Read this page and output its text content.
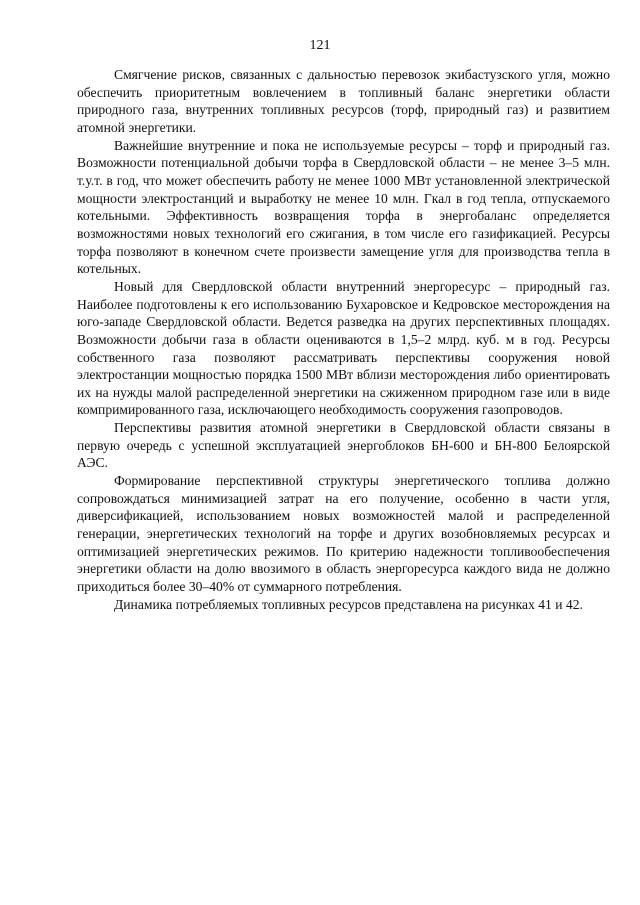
121

Смягчение рисков, связанных с дальностью перевозок экибастузского угля, можно обеспечить приоритетным вовлечением в топливный баланс энергетики области природного газа, внутренних топливных ресурсов (торф, природный газ) и развитием атомной энергетики.

Важнейшие внутренние и пока не используемые ресурсы – торф и природный газ. Возможности потенциальной добычи торфа в Свердловской области – не менее 3–5 млн. т.у.т. в год, что может обеспечить работу не менее 1000 МВт установленной электрической мощности электростанций и выработку не менее 10 млн. Гкал в год тепла, отпускаемого котельными. Эффективность возвращения торфа в энергобаланс определяется возможностями новых технологий его сжигания, в том числе его газификацией. Ресурсы торфа позволяют в конечном счете произвести замещение угля для производства тепла в котельных.

Новый для Свердловской области внутренний энергоресурс – природный газ. Наиболее подготовлены к его использованию Бухаровское и Кедровское месторождения на юго-западе Свердловской области. Ведется разведка на других перспективных площадях. Возможности добычи газа в области оцениваются в 1,5–2 млрд. куб. м в год. Ресурсы собственного газа позволяют рассматривать перспективы сооружения новой электростанции мощностью порядка 1500 МВт вблизи месторождения либо ориентировать их на нужды малой распределенной энергетики на сжиженном природном газе или в виде компримированного газа, исключающего необходимость сооружения газопроводов.

Перспективы развития атомной энергетики в Свердловской области связаны в первую очередь с успешной эксплуатацией энергоблоков БН-600 и БН-800 Белоярской АЭС.

Формирование перспективной структуры энергетического топлива должно сопровождаться минимизацией затрат на его получение, особенно в части угля, диверсификацией, использованием новых возможностей малой и распределенной генерации, энергетических технологий на торфе и других возобновляемых ресурсах и оптимизацией энергетических режимов. По критерию надежности топливообеспечения энергетики области на долю ввозимого в область энергоресурса каждого вида не должно приходиться более 30–40% от суммарного потребления.

Динамика потребляемых топливных ресурсов представлена на рисунках 41 и 42.
